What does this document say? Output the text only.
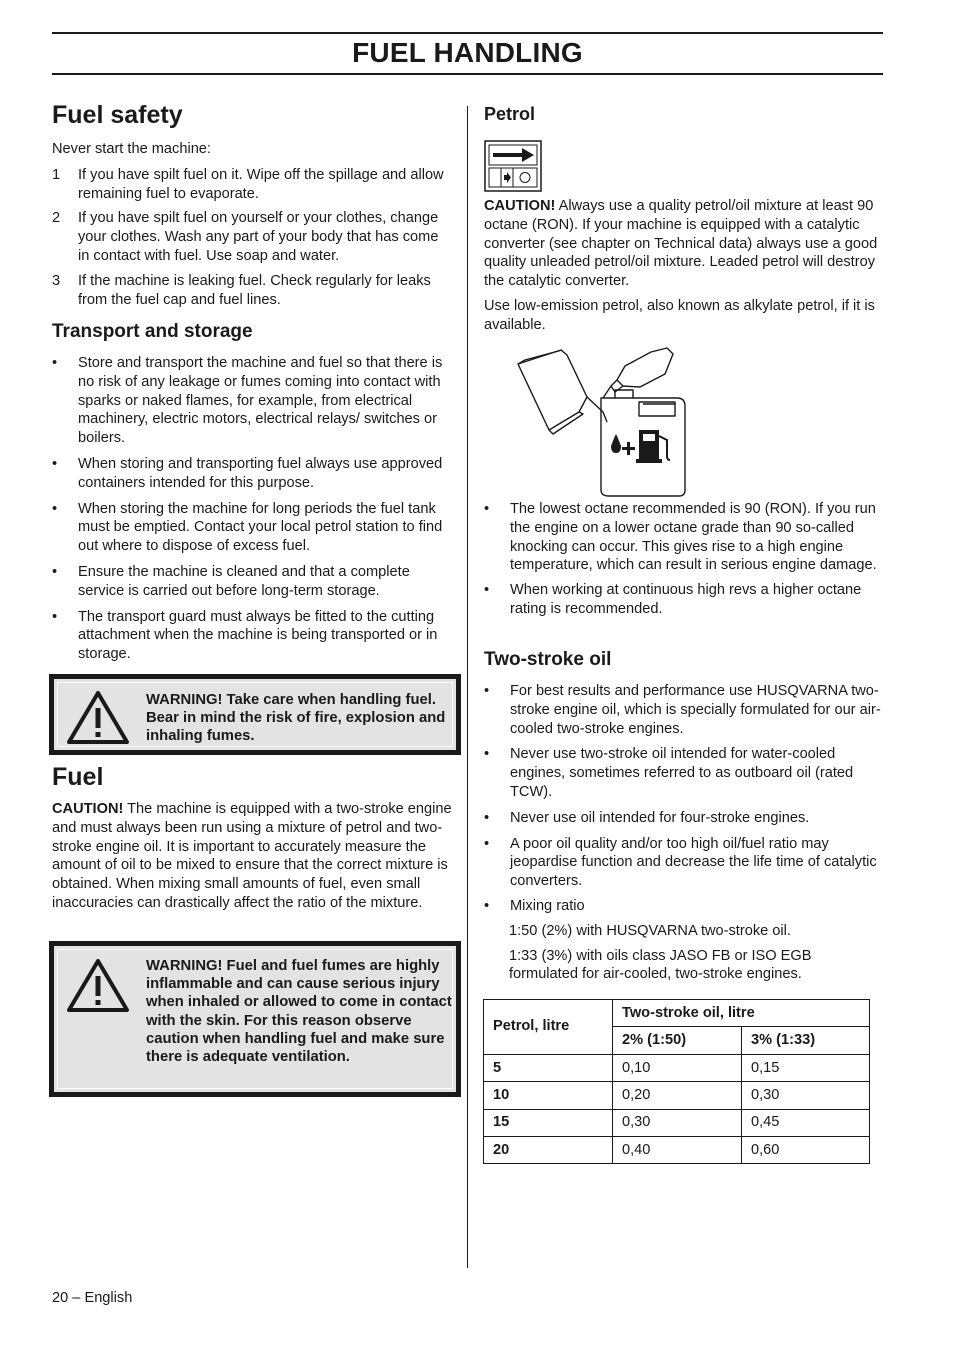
FUEL HANDLING
Fuel safety

Never start the machine:

1 If you have spilt fuel on it. Wipe off the spillage and allow remaining fuel to evaporate.
2 If you have spilt fuel on yourself or your clothes, change your clothes. Wash any part of your body that has come in contact with fuel. Use soap and water.
3 If the machine is leaking fuel. Check regularly for leaks from the fuel cap and fuel lines.
Transport and storage
• Store and transport the machine and fuel so that there is no risk of any leakage or fumes coming into contact with sparks or naked flames, for example, from electrical machinery, electric motors, electrical relays/ switches or boilers.
• When storing and transporting fuel always use approved containers intended for this purpose.
• When storing the machine for long periods the fuel tank must be emptied. Contact your local petrol station to find out where to dispose of excess fuel.
• Ensure the machine is cleaned and that a complete service is carried out before long-term storage.
• The transport guard must always be fitted to the cutting attachment when the machine is being transported or in storage.
WARNING! Take care when handling fuel. Bear in mind the risk of fire, explosion and inhaling fumes.
Fuel

CAUTION! The machine is equipped with a two-stroke engine and must always been run using a mixture of petrol and two-stroke engine oil. It is important to accurately measure the amount of oil to be mixed to ensure that the correct mixture is obtained. When mixing small amounts of fuel, even small inaccuracies can drastically affect the ratio of the mixture.

WARNING! Fuel and fuel fumes are highly inflammable and can cause serious injury when inhaled or allowed to come in contact with the skin. For this reason observe caution when handling fuel and make sure there is adequate ventilation.
Petrol

CAUTION! Always use a quality petrol/oil mixture at least 90 octane (RON). If your machine is equipped with a catalytic converter (see chapter on Technical data) always use a good quality unleaded petrol/oil mixture. Leaded petrol will destroy the catalytic converter.

Use low-emission petrol, also known as alkylate petrol, if it is available.

• The lowest octane recommended is 90 (RON). If you run the engine on a lower octane grade than 90 so-called knocking can occur. This gives rise to a high engine temperature, which can result in serious engine damage.
• When working at continuous high revs a higher octane rating is recommended.
Two-stroke oil
• For best results and performance use HUSQVARNA two-stroke engine oil, which is specially formulated for our air-cooled two-stroke engines.
• Never use two-stroke oil intended for water-cooled engines, sometimes referred to as outboard oil (rated TCW).
• Never use oil intended for four-stroke engines.
• A poor oil quality and/or too high oil/fuel ratio may jeopardise function and decrease the life time of catalytic converters.
• Mixing ratio

1:50 (2%) with HUSQVARNA two-stroke oil.

1:33 (3%) with oils class JASO FB or ISO EGB formulated for air-cooled, two-stroke engines.

Petrol, litre	Two-stroke oil, litre	
	2% (1:50)	3% (1:33)
5	0,10	0,15
10	0,20	0,30
15	0,30	0,45
20	0,40	0,60
20 – English
